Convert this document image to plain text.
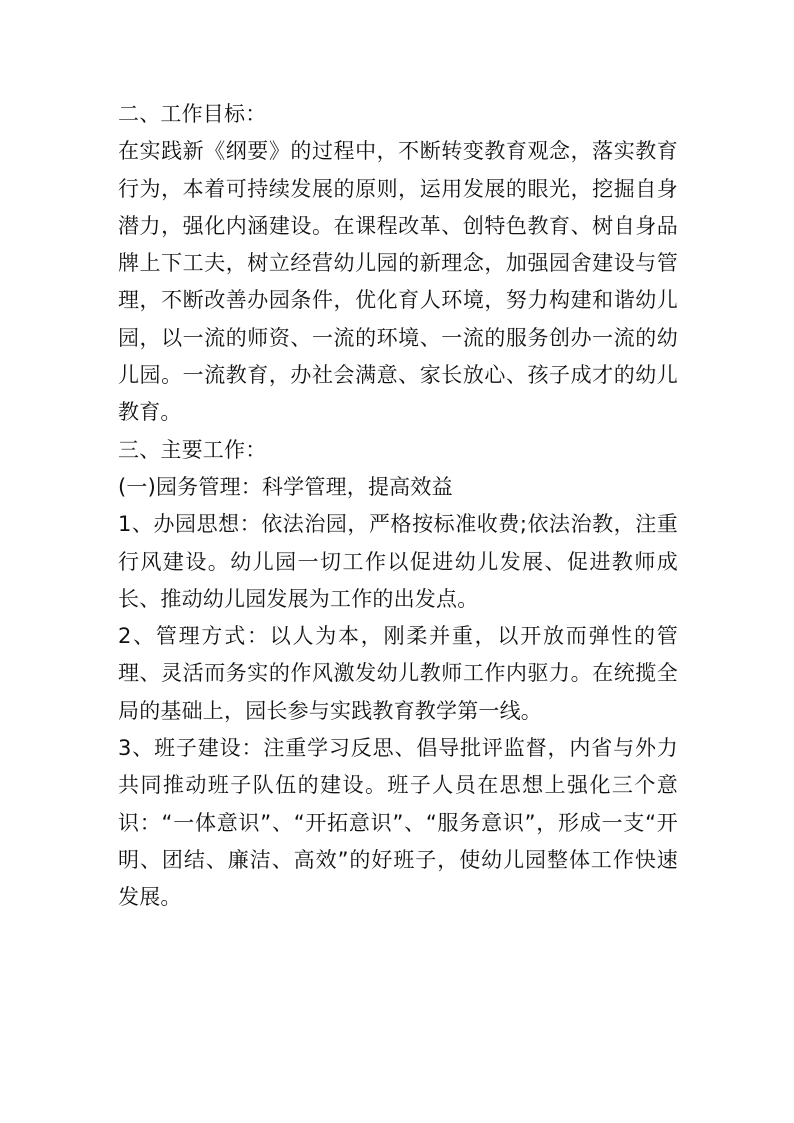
二、工作目标：

在实践新《纲要》的过程中，不断转变教育观念，落实教育行为，本着可持续发展的原则，运用发展的眼光，挖掘自身潜力，强化内涵建设。在课程改革、创特色教育、树自身品牌上下工夫，树立经营幼儿园的新理念，加强园舍建设与管理，不断改善办园条件，优化育人环境，努力构建和谐幼儿园，以一流的师资、一流的环境、一流的服务创办一流的幼儿园。一流教育，办社会满意、家长放心、孩子成才的幼儿教育。

三、主要工作：

(一)园务管理：科学管理，提高效益

1、办园思想：依法治园，严格按标准收费;依法治教，注重行风建设。幼儿园一切工作以促进幼儿发展、促进教师成长、推动幼儿园发展为工作的出发点。

2、管理方式：以人为本，刚柔并重，以开放而弹性的管理、灵活而务实的作风激发幼儿教师工作内驱力。在统揽全局的基础上，园长参与实践教育教学第一线。

3、班子建设：注重学习反思、倡导批评监督，内省与外力共同推动班子队伍的建设。班子人员在思想上强化三个意识：“一体意识”、“开拓意识”、“服务意识”，形成一支“开明、团结、廉洁、高效”的好班子，使幼儿园整体工作快速发展。
